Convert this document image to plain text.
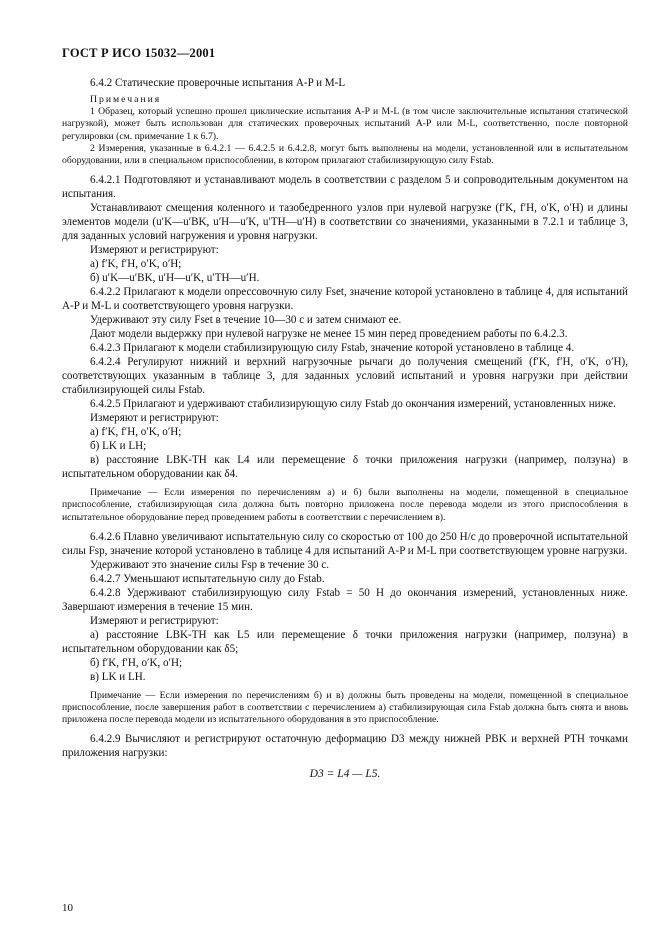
ГОСТ Р ИСО 15032—2001
6.4.2 Статические проверочные испытания A-P и M-L
Примечания
1 Образец, который успешно прошел циклические испытания A-P и M-L (в том числе заключительные испытания статической нагрузкой), может быть использован для статических проверочных испытаний A-P или M-L, соответственно, после повторной регулировки (см. примечание 1 к 6.7).
2 Измерения, указанные в 6.4.2.1 — 6.4.2.5 и 6.4.2.8, могут быть выполнены на модели, установленной или в испытательном оборудовании, или в специальном приспособлении, в котором прилагают стабилизирующую силу Fstab.
6.4.2.1 Подготовляют и устанавливают модель в соответствии с разделом 5 и сопроводительным документом на испытания.
Устанавливают смещения коленного и тазобедренного узлов при нулевой нагрузке (f′K, f′H, o′K, o′H) и длины элементов модели (u′K—u′BK, u′H—u′K, u′TH—u′H) в соответствии со значениями, указанными в 7.2.1 и таблице 3, для заданных условий нагружения и уровня нагрузки.
Измеряют и регистрируют:
а) f′K, f′H, o′K, o′H;
б) u′K—u′BK, u′H—u′K, u′TH—u′H.
6.4.2.2 Прилагают к модели опрессовочную силу Fset, значение которой установлено в таблице 4, для испытаний A-P и M-L и соответствующего уровня нагрузки.
Удерживают эту силу Fset в течение 10—30 с и затем снимают ее.
Дают модели выдержку при нулевой нагрузке не менее 15 мин перед проведением работы по 6.4.2.3.
6.4.2.3 Прилагают к модели стабилизирующую силу Fstab, значение которой установлено в таблице 4.
6.4.2.4 Регулируют нижний и верхний нагрузочные рычаги до получения смещений (f′K, f′H, o′K, o′H), соответствующих указанным в таблице 3, для заданных условий испытаний и уровня нагрузки при действии стабилизирующей силы Fstab.
6.4.2.5 Прилагают и удерживают стабилизирующую силу Fstab до окончания измерений, установленных ниже.
Измеряют и регистрируют:
а) f′K, f′H, o′K, o′H;
б) LK и LH;
в) расстояние LBK-TH как L4 или перемещение δ точки приложения нагрузки (например, ползуна) в испытательном оборудовании как δ4.
Примечание — Если измерения по перечислениям а) и б) были выполнены на модели, помещенной в специальное приспособление, стабилизирующая сила должна быть повторно приложена после перевода модели из этого приспособления в испытательное оборудование перед проведением работы в соответствии с перечислением в).
6.4.2.6 Плавно увеличивают испытательную силу со скоростью от 100 до 250 Н/с до проверочной испытательной силы Fsp, значение которой установлено в таблице 4 для испытаний A-P и M-L при соответствующем уровне нагрузки.
Удерживают это значение силы Fsp в течение 30 с.
6.4.2.7 Уменьшают испытательную силу до Fstab.
6.4.2.8 Удерживают стабилизирующую силу Fstab = 50 Н до окончания измерений, установленных ниже. Завершают измерения в течение 15 мин.
Измеряют и регистрируют:
а) расстояние LBK-TH как L5 или перемещение δ точки приложения нагрузки (например, ползуна) в испытательном оборудовании как δ5;
б) f′K, f′H, o′K, o′H;
в) LK и LH.
Примечание — Если измерения по перечислениям б) и в) должны быть проведены на модели, помещенной в специальное приспособление, после завершения работ в соответствии с перечислением а) стабилизирующая сила Fstab должна быть снята и вновь приложена после перевода модели из испытательного оборудования в это приспособление.
6.4.2.9 Вычисляют и регистрируют остаточную деформацию D3 между нижней PBK и верхней PTH точками приложения нагрузки:
D3 = L4 — L5.
10
